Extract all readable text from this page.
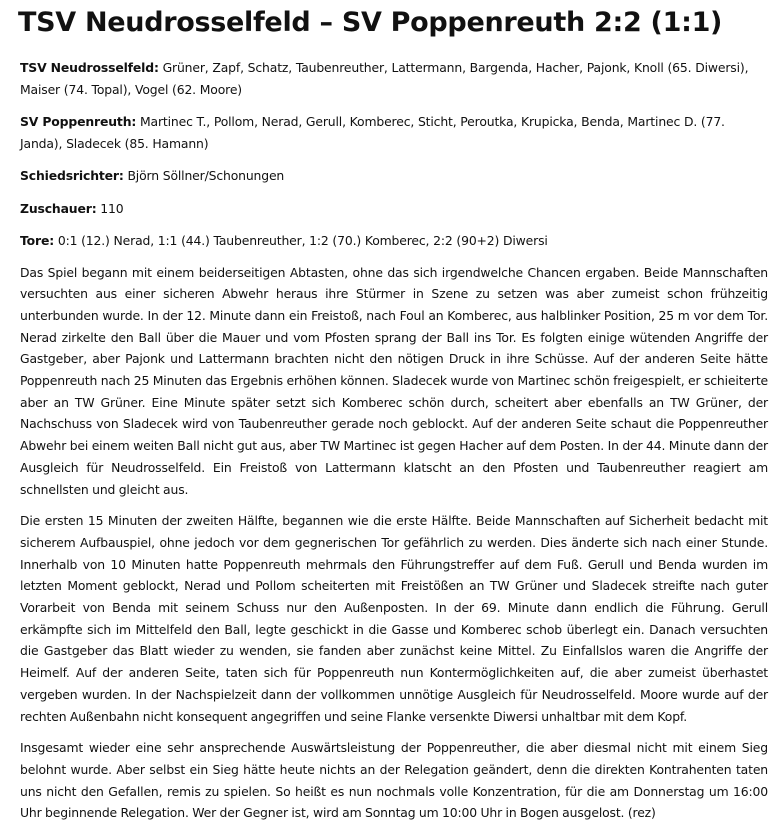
TSV Neudrosselfeld – SV Poppenreuth 2:2 (1:1)

TSV Neudrosselfeld: Grüner, Zapf, Schatz, Taubenreuther, Lattermann, Bargenda, Hacher, Pajonk, Knoll (65. Diwersi), Maiser (74. Topal), Vogel (62. Moore)

SV Poppenreuth: Martinec T., Pollom, Nerad, Gerull, Komberec, Sticht, Peroutka, Krupicka, Benda, Martinec D. (77. Janda), Sladecek (85. Hamann)

Schiedsrichter: Björn Söllner/Schonungen

Zuschauer: 110

Tore: 0:1 (12.) Nerad, 1:1 (44.) Taubenreuther, 1:2 (70.) Komberec, 2:2 (90+2) Diwersi

Das Spiel begann mit einem beiderseitigen Abtasten, ohne das sich irgendwelche Chancen ergaben. Beide Mannschaften versuchten aus einer sicheren Abwehr heraus ihre Stürmer in Szene zu setzen was aber zumeist schon frühzeitig unterbunden wurde. In der 12. Minute dann ein Freistoß, nach Foul an Komberec, aus halblinker Position, 25 m vor dem Tor. Nerad zirkelte den Ball über die Mauer und vom Pfosten sprang der Ball ins Tor. Es folgten einige wütenden Angriffe der Gastgeber, aber Pajonk und Lattermann brachten nicht den nötigen Druck in ihre Schüsse. Auf der anderen Seite hätte Poppenreuth nach 25 Minuten das Ergebnis erhöhen können. Sladecek wurde von Martinec schön freigespielt, er schieiterte aber an TW Grüner. Eine Minute später setzt sich Komberec schön durch, scheitert aber ebenfalls an TW Grüner, der Nachschuss von Sladecek wird von Taubenreuther gerade noch geblockt. Auf der anderen Seite schaut die Poppenreuther Abwehr bei einem weiten Ball nicht gut aus, aber TW Martinec ist gegen Hacher auf dem Posten. In der 44. Minute dann der Ausgleich für Neudrosselfeld. Ein Freistoß von Lattermann klatscht an den Pfosten und Taubenreuther reagiert am schnellsten und gleicht aus.

Die ersten 15 Minuten der zweiten Hälfte, begannen wie die erste Hälfte. Beide Mannschaften auf Sicherheit bedacht mit sicherem Aufbauspiel, ohne jedoch vor dem gegnerischen Tor gefährlich zu werden. Dies änderte sich nach einer Stunde. Innerhalb von 10 Minuten hatte Poppenreuth mehrmals den Führungstreffer auf dem Fuß. Gerull und Benda wurden im letzten Moment geblockt, Nerad und Pollom scheiterten mit Freistößen an TW Grüner und Sladecek streifte nach guter Vorarbeit von Benda mit seinem Schuss nur den Außenposten. In der 69. Minute dann endlich die Führung. Gerull erkämpfte sich im Mittelfeld den Ball, legte geschickt in die Gasse und Komberec schob überlegt ein. Danach versuchten die Gastgeber das Blatt wieder zu wenden, sie fanden aber zunächst keine Mittel. Zu Einfallslos waren die Angriffe der Heimelf. Auf der anderen Seite, taten sich für Poppenreuth nun Kontermöglichkeiten auf, die aber zumeist überhastet vergeben wurden. In der Nachspielzeit dann der vollkommen unnötige Ausgleich für Neudrosselfeld. Moore wurde auf der rechten Außenbahn nicht konsequent angegriffen und seine Flanke versenkte Diwersi unhaltbar mit dem Kopf.

Insgesamt wieder eine sehr ansprechende Auswärtsleistung der Poppenreuther, die aber diesmal nicht mit einem Sieg belohnt wurde. Aber selbst ein Sieg hätte heute nichts an der Relegation geändert, denn die direkten Kontrahenten taten uns nicht den Gefallen, remis zu spielen. So heißt es nun nochmals volle Konzentration, für die am Donnerstag um 16:00 Uhr beginnende Relegation. Wer der Gegner ist, wird am Sonntag um 10:00 Uhr in Bogen ausgelost. (rez)
